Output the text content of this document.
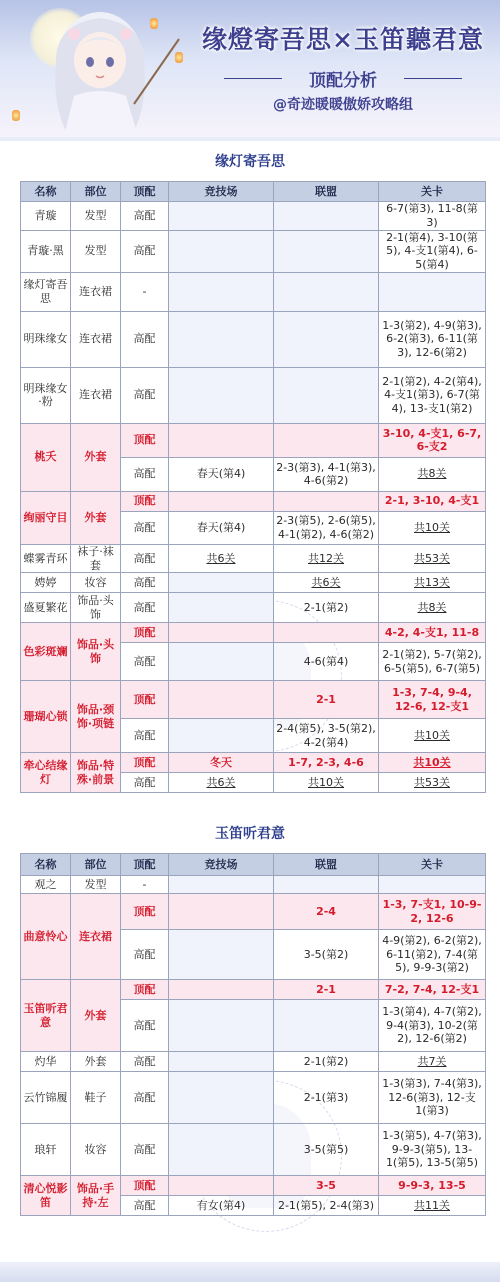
缘燈寄吾思×玉笛聽君意
顶配分析
@奇迹暖暖傲娇攻略组
缘灯寄吾思
名称	部位	顶配	竞技场	联盟	关卡
青璇	发型	高配			6-7(第3), 11-8(第3)
青璇·黑	发型	高配			2-1(第4), 3-10(第5), 4-支1(第4), 6-5(第4)
缘灯寄吾思	连衣裙	-			
明珠缘女	连衣裙	高配			1-3(第2), 4-9(第3), 6-2(第3), 6-11(第3), 12-6(第2)
明珠缘女·粉	连衣裙	高配			2-1(第2), 4-2(第4), 4-支1(第3), 6-7(第4), 13-支1(第2)
桃夭	外套	顶配			3-10, 4-支1, 6-7, 6-支2
		高配	春天(第4)	2-3(第3), 4-1(第3), 4-6(第2)	共8关
绚丽守目	外套	顶配			2-1, 3-10, 4-支1
		高配	春天(第4)	2-3(第5), 2-6(第5), 4-1(第2), 4-6(第2)	共10关
蝶雾青环	袜子·袜套	高配	共6关	共12关	共53关
娉婷	妆容	高配		共6关	共13关
盛夏繁花	饰品·头饰	高配		2-1(第2)	共8关
色彩斑斓	饰品·头饰	顶配			4-2, 4-支1, 11-8
		高配		4-6(第4)	2-1(第2), 5-7(第2), 6-5(第5), 6-7(第5)
珊瑚心锁	饰品·颈饰·项链	顶配		2-1	1-3, 7-4, 9-4, 12-6, 12-支1
		高配		2-4(第5), 3-5(第2), 4-2(第4)	共10关
牵心结缘灯	饰品·特殊·前景	顶配	冬天	1-7, 2-3, 4-6	共10关
		高配	共6关	共10关	共53关
玉笛听君意
名称	部位	顶配	竞技场	联盟	关卡
观之	发型	-			
曲意怜心	连衣裙	顶配		2-4	1-3, 7-支1, 10-9-2, 12-6
		高配		3-5(第2)	4-9(第2), 6-2(第2), 6-11(第2), 7-4(第5), 9-9-3(第2)
玉笛听君意	外套	顶配		2-1	7-2, 7-4, 12-支1
		高配			1-3(第4), 4-7(第2), 9-4(第3), 10-2(第2), 12-6(第2)
灼华	外套	高配		2-1(第2)	共7关
云竹锦履	鞋子	高配		2-1(第3)	1-3(第3), 7-4(第3), 12-6(第3), 12-支1(第3)
琅轩	妆容	高配		3-5(第5)	1-3(第5), 4-7(第3), 9-9-3(第5), 13-1(第5), 13-5(第5)
清心悦影笛	饰品·手持·左	顶配		3-5	9-9-3, 13-5
		高配	有女(第4)	2-1(第5), 2-4(第3)	共11关
